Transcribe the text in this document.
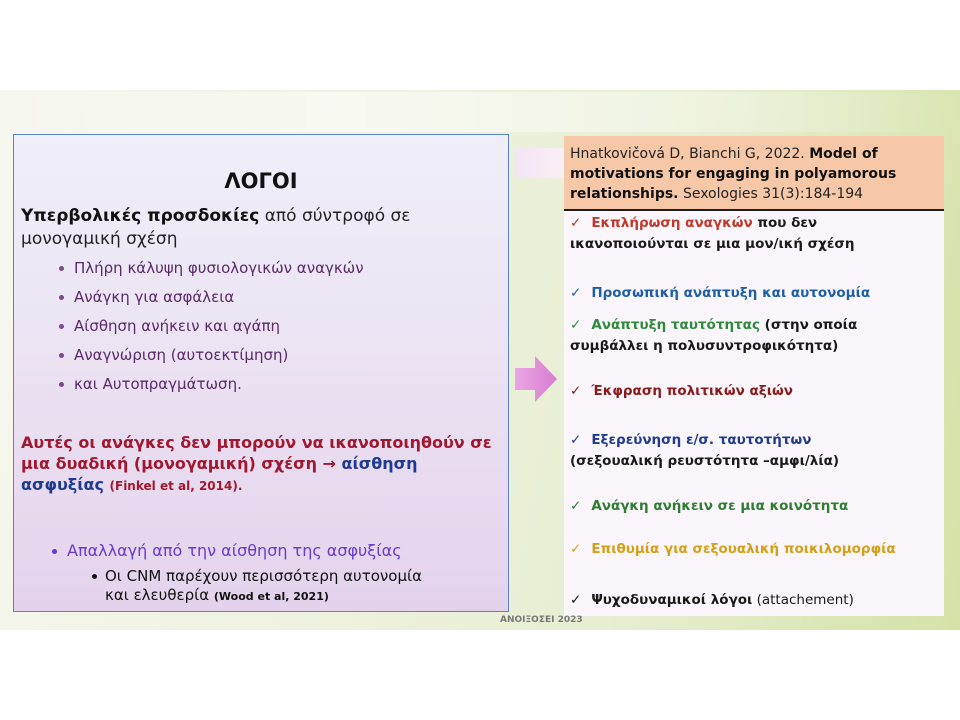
ΛΟΓΟΙ
Υπερβολικές προσδοκίες από σύντροφό σε
μονογαμική σχέση
Πλήρη κάλυψη φυσιολογικών αναγκών
Ανάγκη για ασφάλεια
Αίσθηση ανήκειν και αγάπη
Αναγνώριση (αυτοεκτίμηση)
και Αυτοπραγμάτωση.
Αυτές οι ανάγκες δεν μπορούν να ικανοποιηθούν σε
μια δυαδική (μονογαμική) σχέση → αίσθηση
ασφυξίας (Finkel et al, 2014).
Απαλλαγή από την αίσθηση της ασφυξίας
Οι CNM παρέχουν περισσότερη αυτονομία
και ελευθερία (Wood et al, 2021)
Hnatkovičová D, Bianchi G, 2022. Model of
motivations for engaging in polyamorous
relationships. Sexologies 31(3):184-194
✓ Εκπλήρωση αναγκών που δεν
ικανοποιούνται σε μια μον/ική σχέση
✓ Προσωπική ανάπτυξη και αυτονομία
✓ Ανάπτυξη ταυτότητας (στην οποία
συμβάλλει η πολυσυντροφικότητα)
✓ Έκφραση πολιτικών αξιών
✓ Εξερεύνηση ε/σ. ταυτοτήτων
(σεξουαλική ρευστότητα –αμφι/λία)
✓ Ανάγκη ανήκειν σε μια κοινότητα
✓ Επιθυμία για σεξουαλική ποικιλομορφία
✓ Ψυχοδυναμικοί λόγοι (attachement)
ΑΝΟΙΞΟΣΕΙ 2023
